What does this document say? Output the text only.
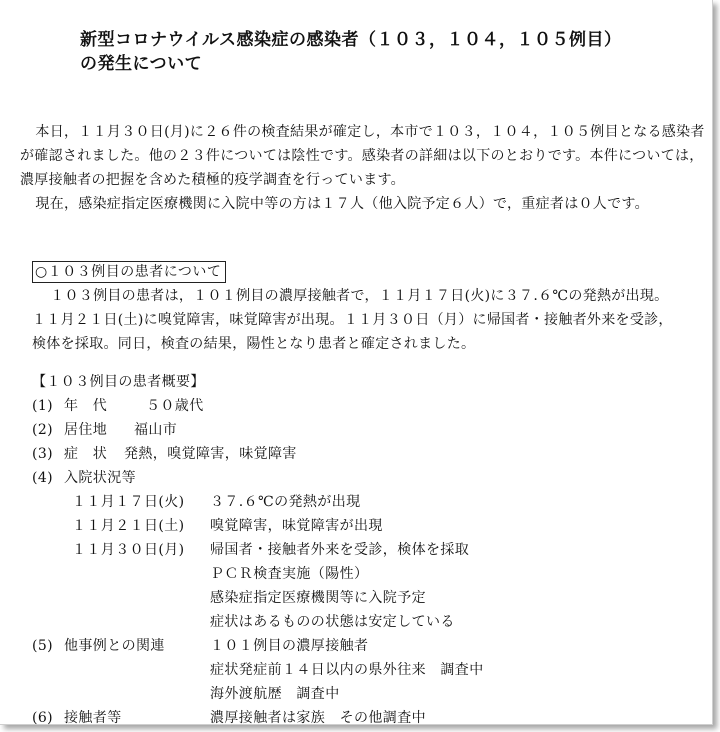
新型コロナウイルス感染症の感染者（１０３，１０４，１０５例目）
の発生について

本日，１１月３０日(月)に２６件の検査結果が確定し，本市で１０３，１０４，１０５例目となる感染者が確認されました。他の２３件については陰性です。感染者の詳細は以下のとおりです。本件については，濃厚接触者の把握を含めた積極的疫学調査を行っています。

現在，感染症指定医療機関に入院中等の方は１７人（他入院予定６人）で，重症者は０人です。

○１０３例目の患者について

１０３例目の患者は，１０１例目の濃厚接触者で，１１月１７日(火)に３７.６℃の発熱が出現。

１１月２１日(土)に嗅覚障害，味覚障害が出現。１１月３０日（月）に帰国者・接触者外来を受診，

検体を採取。同日，検査の結果，陽性となり患者と確定されました。

【１０３例目の患者概要】
(1) 年　代	５０歳代
(2) 居住地	福山市
(3) 症　状	発熱，嗅覚障害，味覚障害
(4) 入院状況等
１１月１７日(火)	３７.６℃の発熱が出現
１１月２１日(土)	嗅覚障害，味覚障害が出現
１１月３０日(月)	帰国者・接触者外来を受診，検体を採取
ＰＣＲ検査実施（陽性）
感染症指定医療機関等に入院予定
症状はあるものの状態は安定している
(5) 他事例との関連	１０１例目の濃厚接触者
症状発症前１４日以内の県外往来　調査中
海外渡航歴　調査中
(6) 接触者等	濃厚接触者は家族　その他調査中
